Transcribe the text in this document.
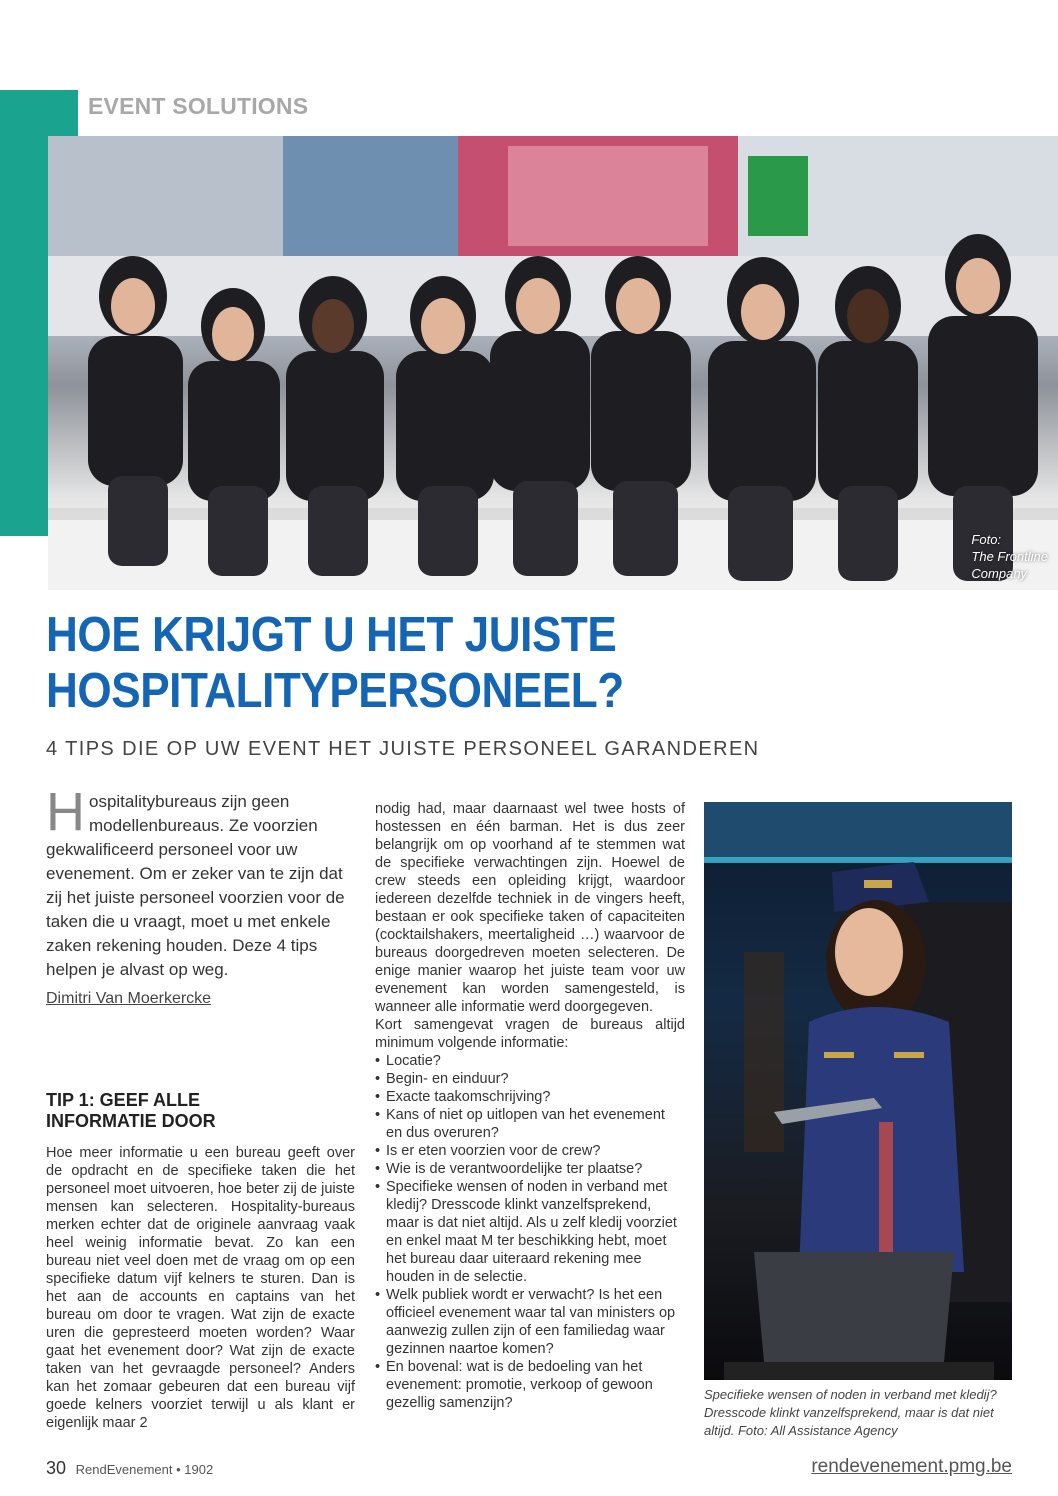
EVENT SOLUTIONS
Foto:
The Frontline
Company
HOE KRIJGT U HET JUISTE
HOSPITALITYPERSONEEL?
4 TIPS DIE OP UW EVENT HET JUISTE PERSONEEL GARANDEREN
H ospitalitybureaus zijn geen modellenbureaus. Ze voorzien gekwalificeerd personeel voor uw evenement. Om er zeker van te zijn dat zij het juiste personeel voorzien voor de taken die u vraagt, moet u met enkele zaken rekening houden. Deze 4 tips helpen je alvast op weg.
Dimitri Van Moerkercke
TIP 1: GEEF ALLE
INFORMATIE DOOR
Hoe meer informatie u een bureau geeft over de opdracht en de specifieke taken die het personeel moet uitvoeren, hoe beter zij de juiste mensen kan selecteren. Hospitality-bureaus merken echter dat de originele aanvraag vaak heel weinig informatie bevat. Zo kan een bureau niet veel doen met de vraag om op een specifieke datum vijf kelners te sturen. Dan is het aan de accounts en captains van het bureau om door te vragen. Wat zijn de exacte uren die gepresteerd moeten worden? Waar gaat het evenement door? Wat zijn de exacte taken van het gevraagde personeel? Anders kan het zomaar gebeuren dat een bureau vijf goede kelners voorziet terwijl u als klant er eigenlijk maar 2

nodig had, maar daarnaast wel twee hosts of hostessen en één barman. Het is dus zeer belangrijk om op voorhand af te stemmen wat de specifieke verwachtingen zijn. Hoewel de crew steeds een opleiding krijgt, waardoor iedereen dezelfde techniek in de vingers heeft, bestaan er ook specifieke taken of capaciteiten (cocktailshakers, meertaligheid …) waarvoor de bureaus doorgedreven moeten selecteren. De enige manier waarop het juiste team voor uw evenement kan worden samengesteld, is wanneer alle informatie werd doorgegeven.

Kort samengevat vragen de bureaus altijd minimum volgende informatie:

• Locatie?
• Begin- en einduur?
• Exacte taakomschrijving?
• Kans of niet op uitlopen van het evenement en dus overuren?
• Is er eten voorzien voor de crew?
• Wie is de verantwoordelijke ter plaatse?
• Specifieke wensen of noden in verband met kledij? Dresscode klinkt vanzelfsprekend, maar is dat niet altijd. Als u zelf kledij voorziet en enkel maat M ter beschikking hebt, moet het bureau daar uiteraard rekening mee houden in de selectie.
• Welk publiek wordt er verwacht? Is het een officieel evenement waar tal van ministers op aanwezig zullen zijn of een familiedag waar gezinnen naartoe komen?
• En bovenal: wat is de bedoeling van het evenement: promotie, verkoop of gewoon gezellig samenzijn?
Specifieke wensen of noden in verband met kledij? Dresscode klinkt vanzelfsprekend, maar is dat niet altijd. Foto: All Assistance Agency
30 RendEvenement • 1902	rendevenement.pmg.be
